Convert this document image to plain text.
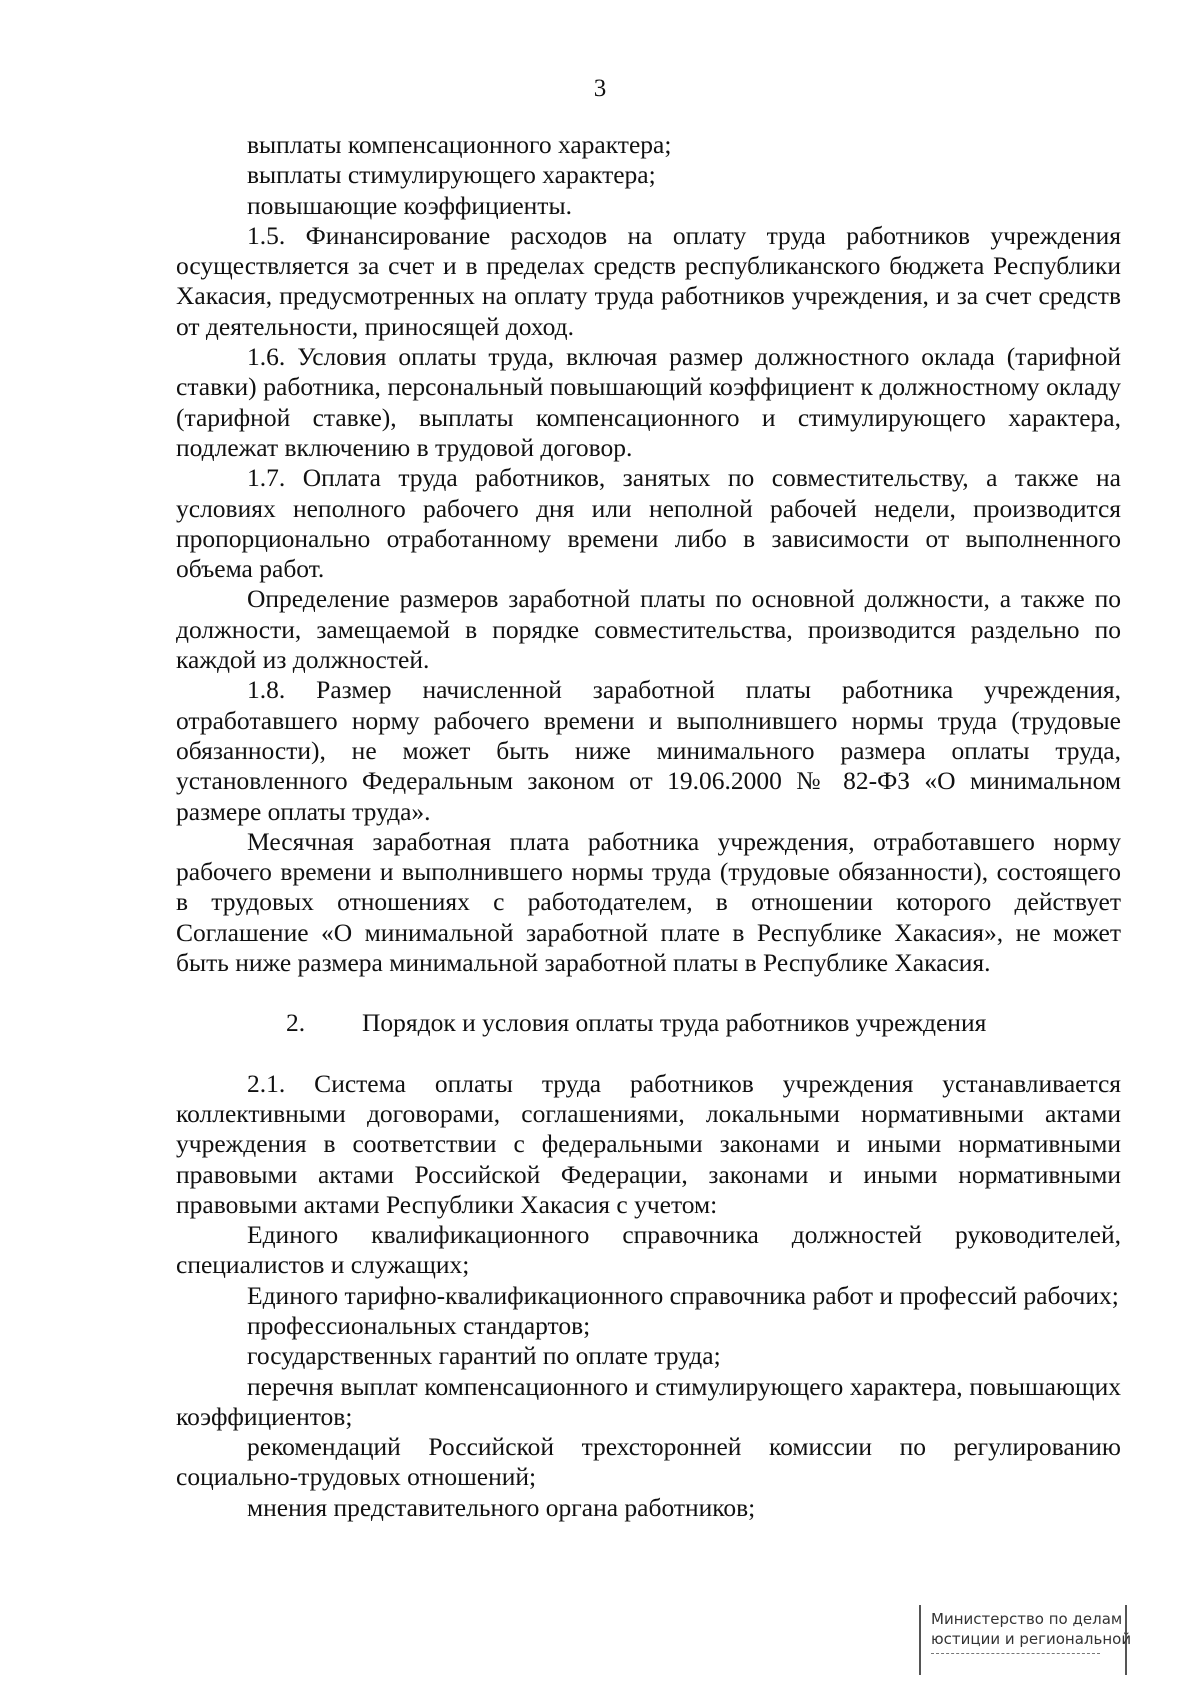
3

выплаты компенсационного характера;

выплаты стимулирующего характера;

повышающие коэффициенты.

1.5. Финансирование расходов на оплату труда работников учреждения осуществляется за счет и в пределах средств республиканского бюджета Республики Хакасия, предусмотренных на оплату труда работников учреждения, и за счет средств от деятельности, приносящей доход.

1.6. Условия оплаты труда, включая размер должностного оклада (тарифной ставки) работника, персональный повышающий коэффициент к должностному окладу (тарифной ставке), выплаты компенсационного и стимулирующего характера, подлежат включению в трудовой договор.

1.7. Оплата труда работников, занятых по совместительству, а также на условиях неполного рабочего дня или неполной рабочей недели, производится пропорционально отработанному времени либо в зависимости от выполненного объема работ.

Определение размеров заработной платы по основной должности, а также по должности, замещаемой в порядке совместительства, производится раздельно по каждой из должностей.

1.8. Размер начисленной заработной платы работника учреждения, отработавшего норму рабочего времени и выполнившего нормы труда (трудовые обязанности), не может быть ниже минимального размера оплаты труда, установленного Федеральным законом от 19.06.2000 № 82-ФЗ «О минимальном размере оплаты труда».

Месячная заработная плата работника учреждения, отработавшего норму рабочего времени и выполнившего нормы труда (трудовые обязанности), состоящего в трудовых отношениях с работодателем, в отношении которого действует Соглашение «О минимальной заработной плате в Республике Хакасия», не может быть ниже размера минимальной заработной платы в Республике Хакасия.

2. Порядок и условия оплаты труда работников учреждения

2.1. Система оплаты труда работников учреждения устанавливается коллективными договорами, соглашениями, локальными нормативными актами учреждения в соответствии с федеральными законами и иными нормативными правовыми актами Российской Федерации, законами и иными нормативными правовыми актами Республики Хакасия с учетом:

Единого квалификационного справочника должностей руководителей, специалистов и служащих;

Единого тарифно-квалификационного справочника работ и профессий рабочих;

профессиональных стандартов;

государственных гарантий по оплате труда;

перечня выплат компенсационного и стимулирующего характера, повышающих коэффициентов;

рекомендаций Российской трехсторонней комиссии по регулированию социально-трудовых отношений;

мнения представительного органа работников;

Министерство по делам
юстиции и региональной
